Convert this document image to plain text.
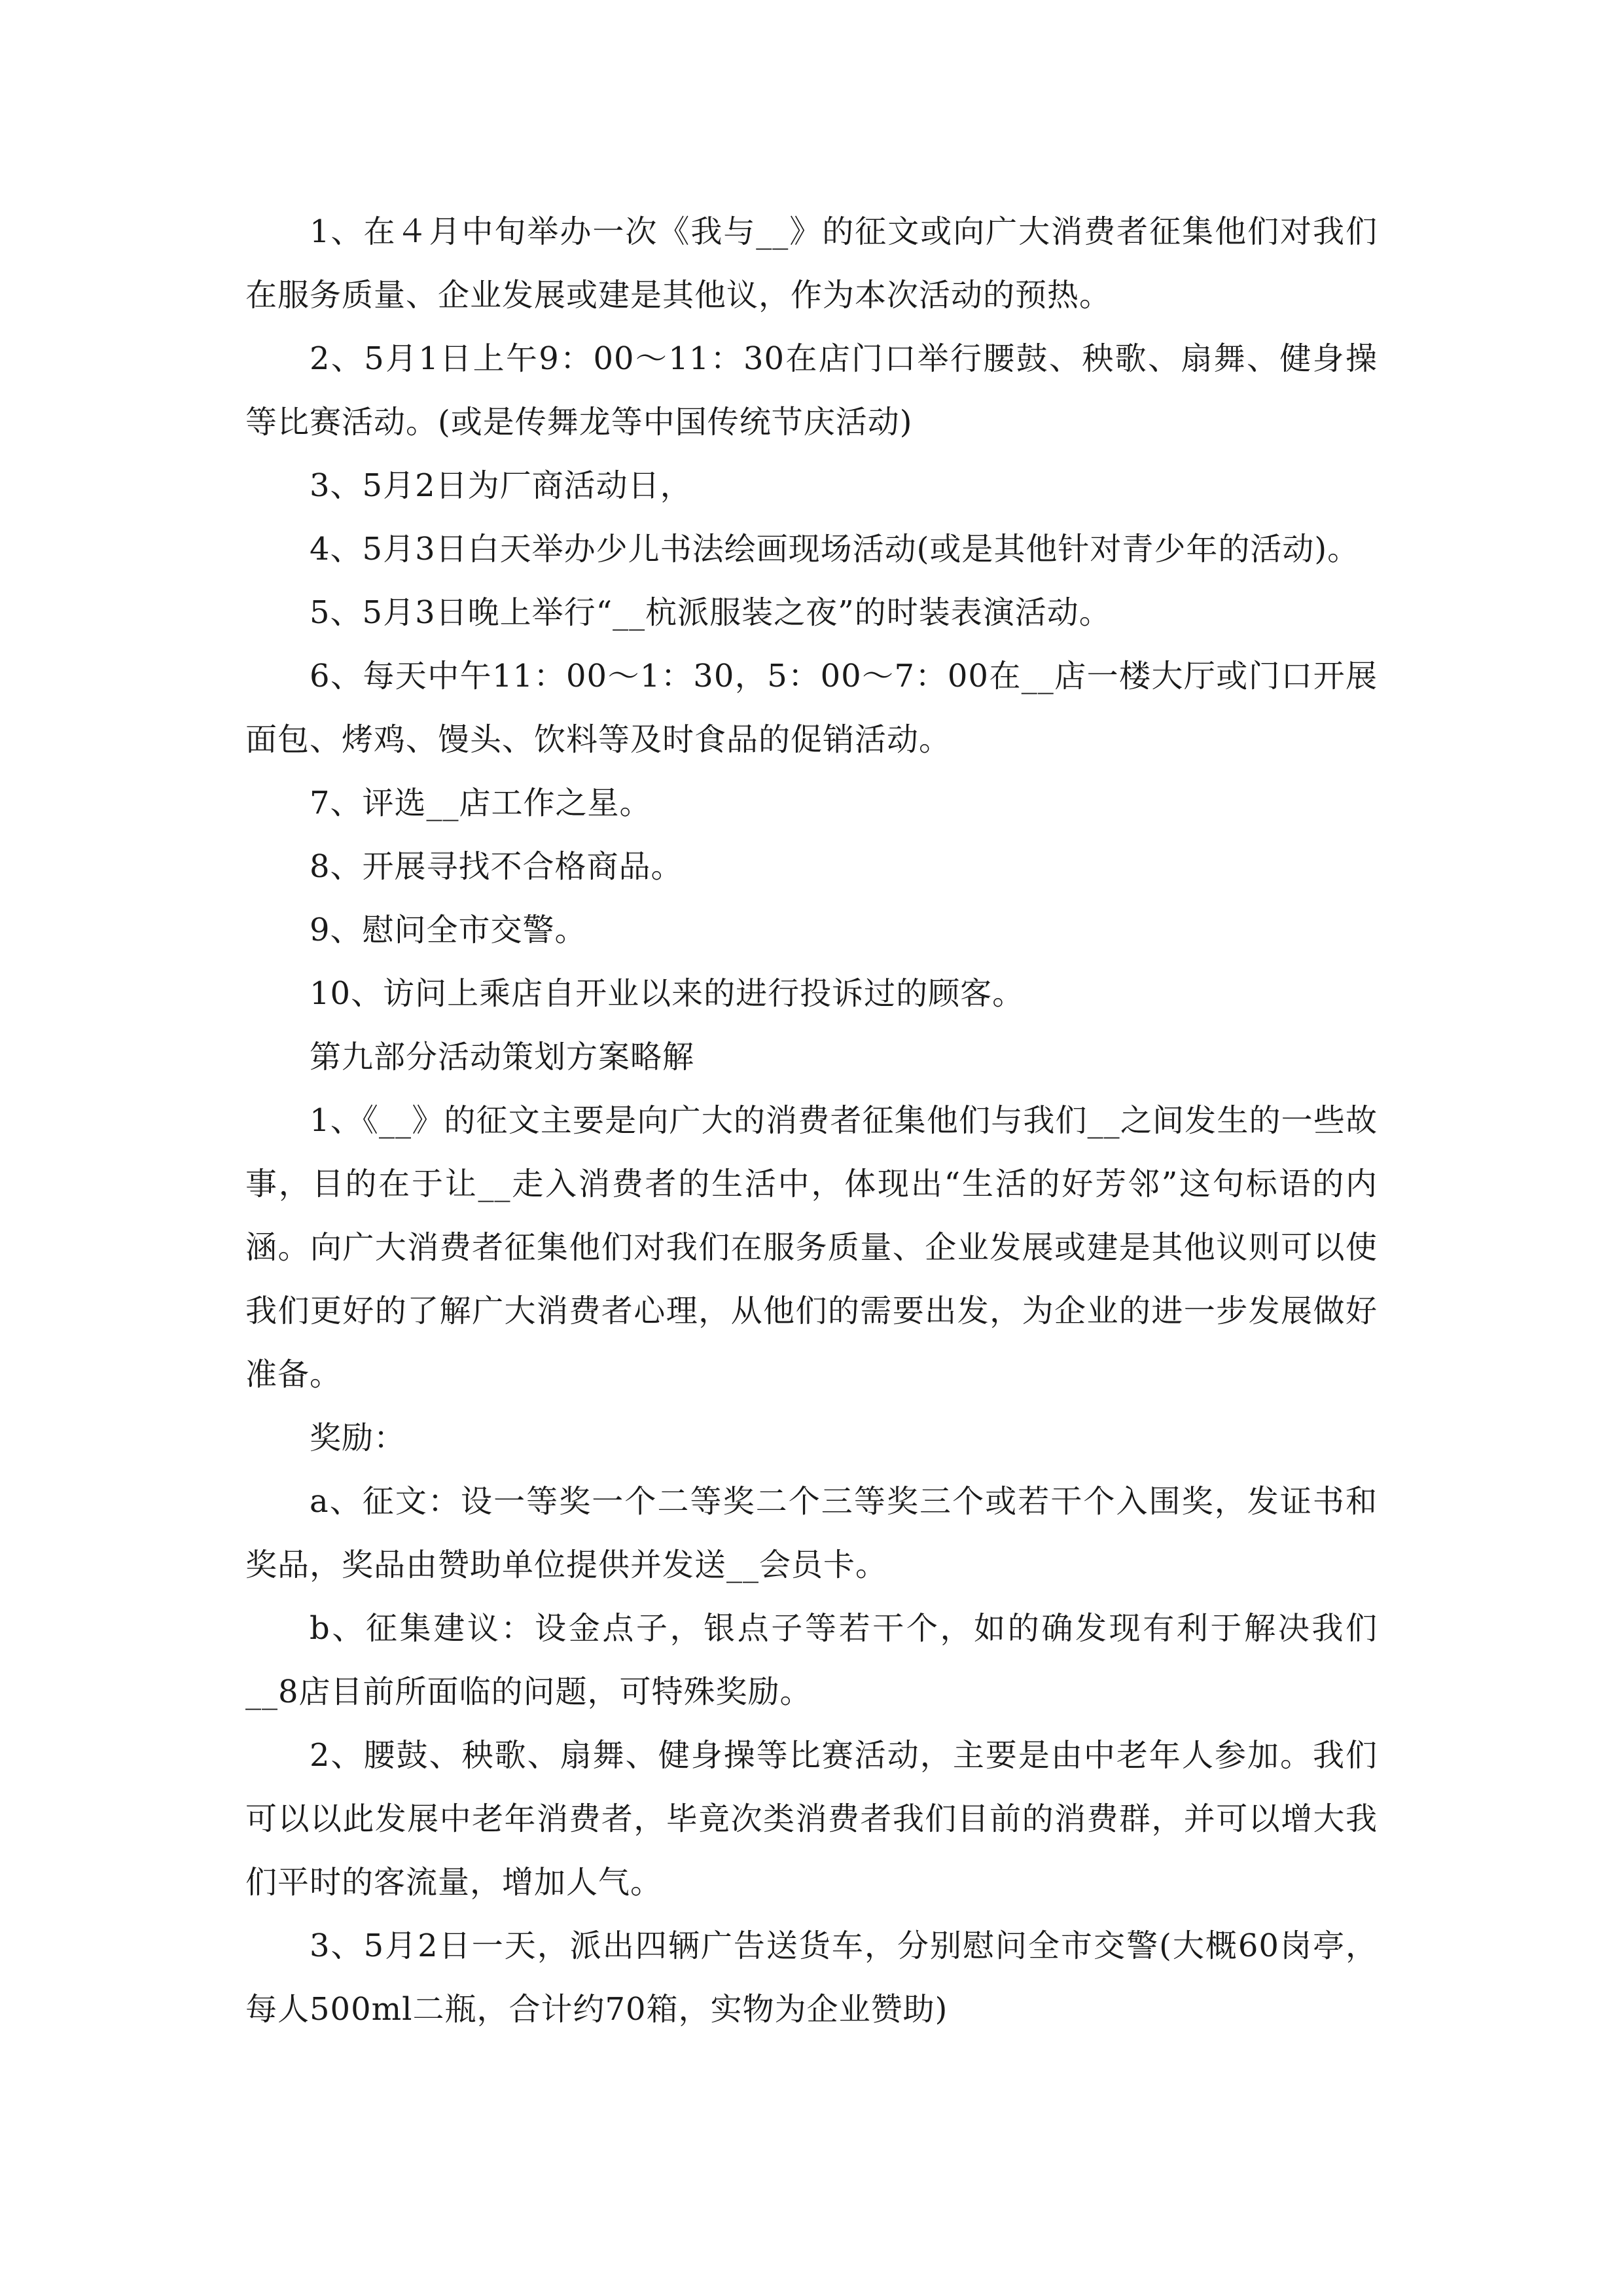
1、在４月中旬举办一次《我与__》的征文或向广大消费者征集他们对我们在服务质量、企业发展或建是其他议，作为本次活动的预热。

2、5月1日上午9：00～11：30在店门口举行腰鼓、秧歌、扇舞、健身操等比赛活动。(或是传舞龙等中国传统节庆活动)

3、5月2日为厂商活动日，

4、5月3日白天举办少儿书法绘画现场活动(或是其他针对青少年的活动)。

5、5月3日晚上举行“__杭派服装之夜”的时装表演活动。

6、每天中午11：00～1：30，5：00～7：00在__店一楼大厅或门口开展面包、烤鸡、馒头、饮料等及时食品的促销活动。

7、评选__店工作之星。

8、开展寻找不合格商品。

9、慰问全市交警。

10、访问上乘店自开业以来的进行投诉过的顾客。

第九部分活动策划方案略解

1、《__》的征文主要是向广大的消费者征集他们与我们__之间发生的一些故事，目的在于让__走入消费者的生活中，体现出“生活的好芳邻”这句标语的内涵。向广大消费者征集他们对我们在服务质量、企业发展或建是其他议则可以使我们更好的了解广大消费者心理，从他们的需要出发，为企业的进一步发展做好准备。

奖励：

a、征文：设一等奖一个二等奖二个三等奖三个或若干个入围奖，发证书和奖品，奖品由赞助单位提供并发送__会员卡。

b、征集建议：设金点子，银点子等若干个，如的确发现有利于解决我们__8店目前所面临的问题，可特殊奖励。

2、腰鼓、秧歌、扇舞、健身操等比赛活动，主要是由中老年人参加。我们可以以此发展中老年消费者，毕竟次类消费者我们目前的消费群，并可以增大我们平时的客流量，增加人气。

3、5月2日一天，派出四辆广告送货车，分别慰问全市交警(大概60岗亭，每人500ml二瓶，合计约70箱，实物为企业赞助)
